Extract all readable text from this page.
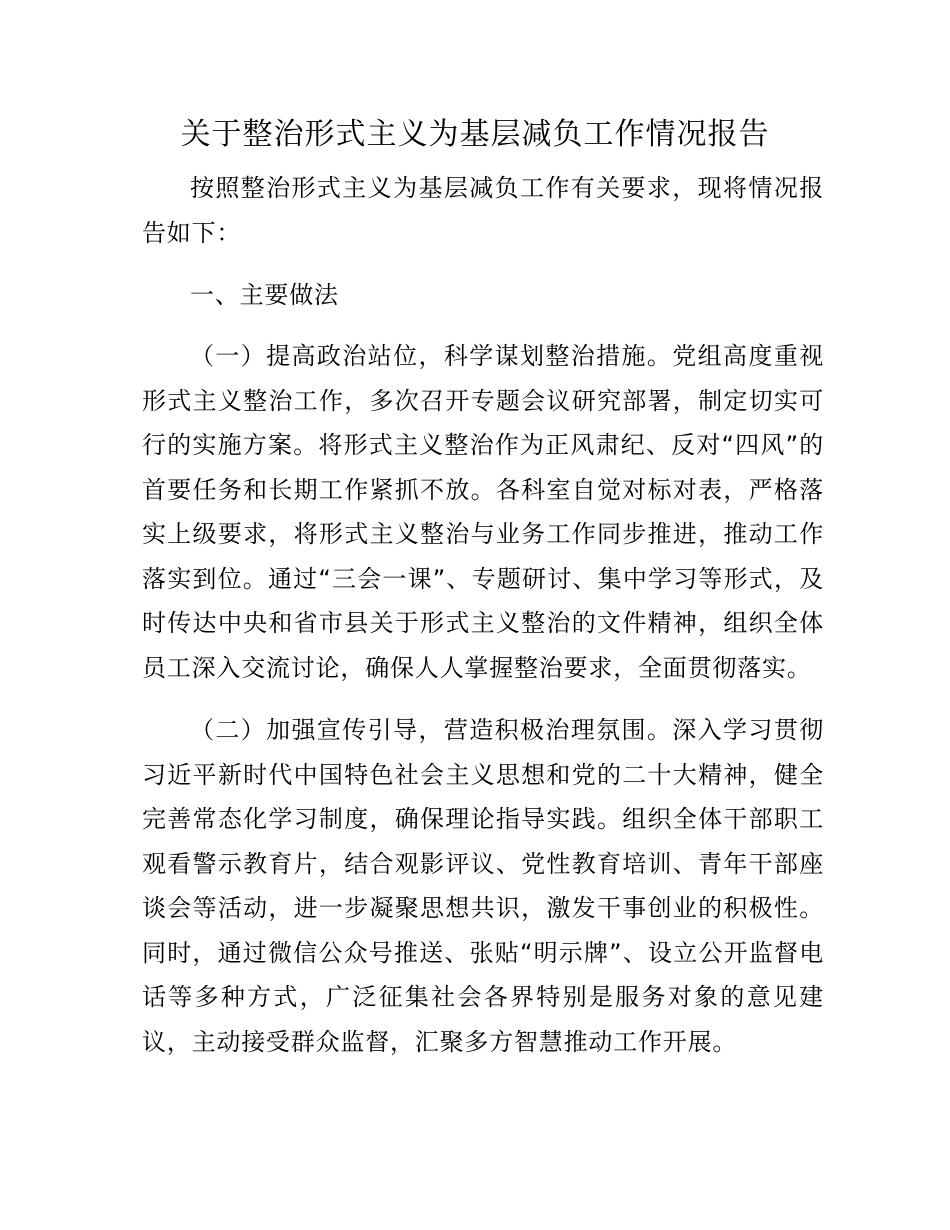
关于整治形式主义为基层减负工作情况报告

按照整治形式主义为基层减负工作有关要求，现将情况报告如下：

一、主要做法

（一）提高政治站位，科学谋划整治措施。党组高度重视形式主义整治工作，多次召开专题会议研究部署，制定切实可行的实施方案。将形式主义整治作为正风肃纪、反对“四风”的首要任务和长期工作紧抓不放。各科室自觉对标对表，严格落实上级要求，将形式主义整治与业务工作同步推进，推动工作落实到位。通过“三会一课”、专题研讨、集中学习等形式，及时传达中央和省市县关于形式主义整治的文件精神，组织全体员工深入交流讨论，确保人人掌握整治要求，全面贯彻落实。

（二）加强宣传引导，营造积极治理氛围。深入学习贯彻习近平新时代中国特色社会主义思想和党的二十大精神，健全完善常态化学习制度，确保理论指导实践。组织全体干部职工观看警示教育片，结合观影评议、党性教育培训、青年干部座谈会等活动，进一步凝聚思想共识，激发干事创业的积极性。同时，通过微信公众号推送、张贴“明示牌”、设立公开监督电话等多种方式，广泛征集社会各界特别是服务对象的意见建议，主动接受群众监督，汇聚多方智慧推动工作开展。
